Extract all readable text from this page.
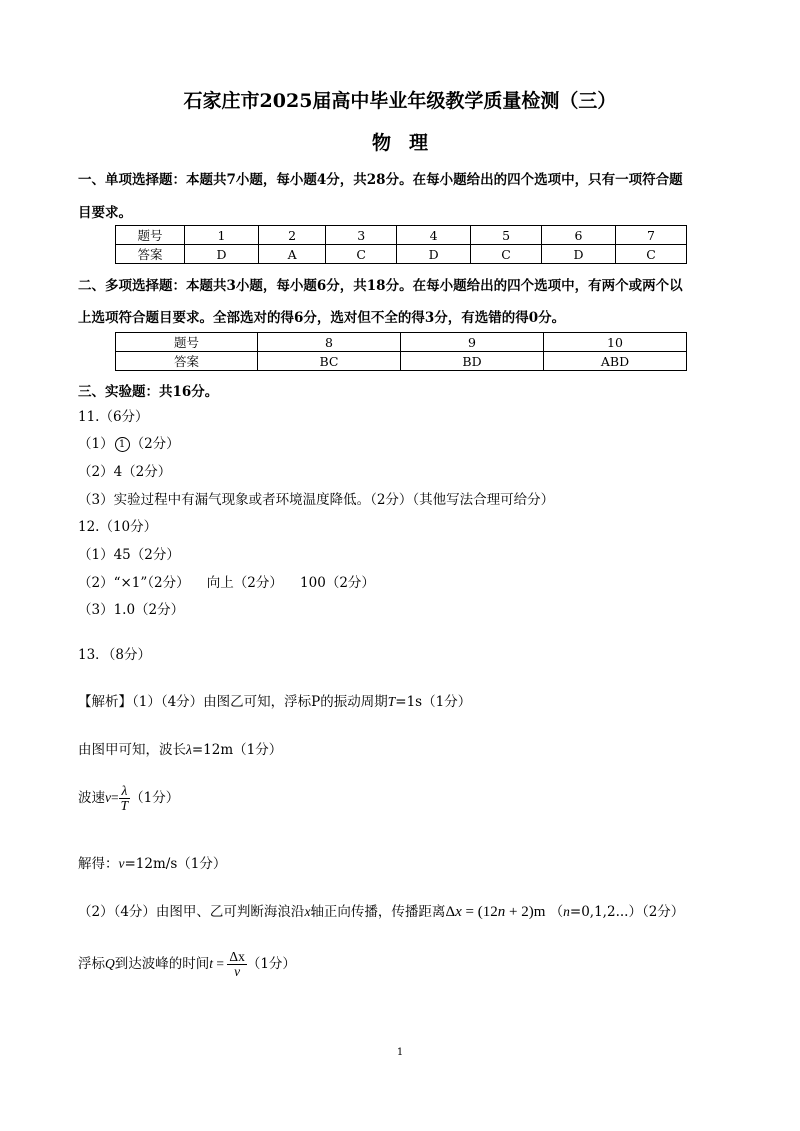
石家庄市2025届高中毕业年级教学质量检测（三）
物理
一、单项选择题：本题共7小题，每小题4分，共28分。在每小题给出的四个选项中，只有一项符合题
目要求。
题号	1	2	3	4	5	6	7
答案	D	A	C	D	C	D	C
二、多项选择题：本题共3小题，每小题6分，共18分。在每小题给出的四个选项中，有两个或两个以
上选项符合题目要求。全部选对的得6分，选对但不全的得3分，有选错的得0分。
题号	8	9	10
答案	BC	BD	ABD
三、实验题：共16分。
11.（6分）
（1） 1 （2分）
（2）4（2分）
（3）实验过程中有漏气现象或者环境温度降低。（2分）（其他写法合理可给分）
12.（10分）
（1）45（2分）
（2）“×1”（2分）    向上（2分）    100（2分）
（3）1.0（2分）
13．（8分）
【解析】（1）（4分）由图乙可知，浮标P的振动周期T=1s（1分）
由图甲可知，波长λ=12m（1分）
波速$v= \frac{\lambda}{T} (1$分）
解得：v=12m/s（1分）
（2）（4分）由图甲、乙可判断海浪沿x轴正向传播，传播距离Δx = (12n + 2)m （n=0,1,2...）（2分）
浮标Q到达波峰的时间$t = \frac{\Delta x}{v} (1$分）
1
